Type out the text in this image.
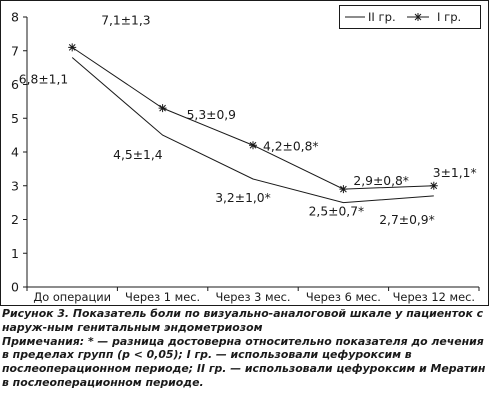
0
1
2
3
4
5
6
7
8
До операции Через 1 мес. Через 3 мес. Через 6 мес. Через 12 мес.
6,8±1,1
4,5±1,4
3,2±1,0*
2,5±0,7*
2,7±0,9*
7,1±1,3
5,3±0,9
4,2±0,8*
2,9±0,8*
3±1,1*
II гр.	I гр.
Рисунок 3. Показатель боли по визуально-аналоговой шкале у пациенток с наруж-ным генитальным эндометриозом
Примечания: * — разница достоверна относительно показателя до лечения в пределах групп (p < 0,05); I гр. — использовали цефуроксим в послеоперационном периоде; II гр. — использовали цефуроксим и Мератин в послеоперационном периоде.
